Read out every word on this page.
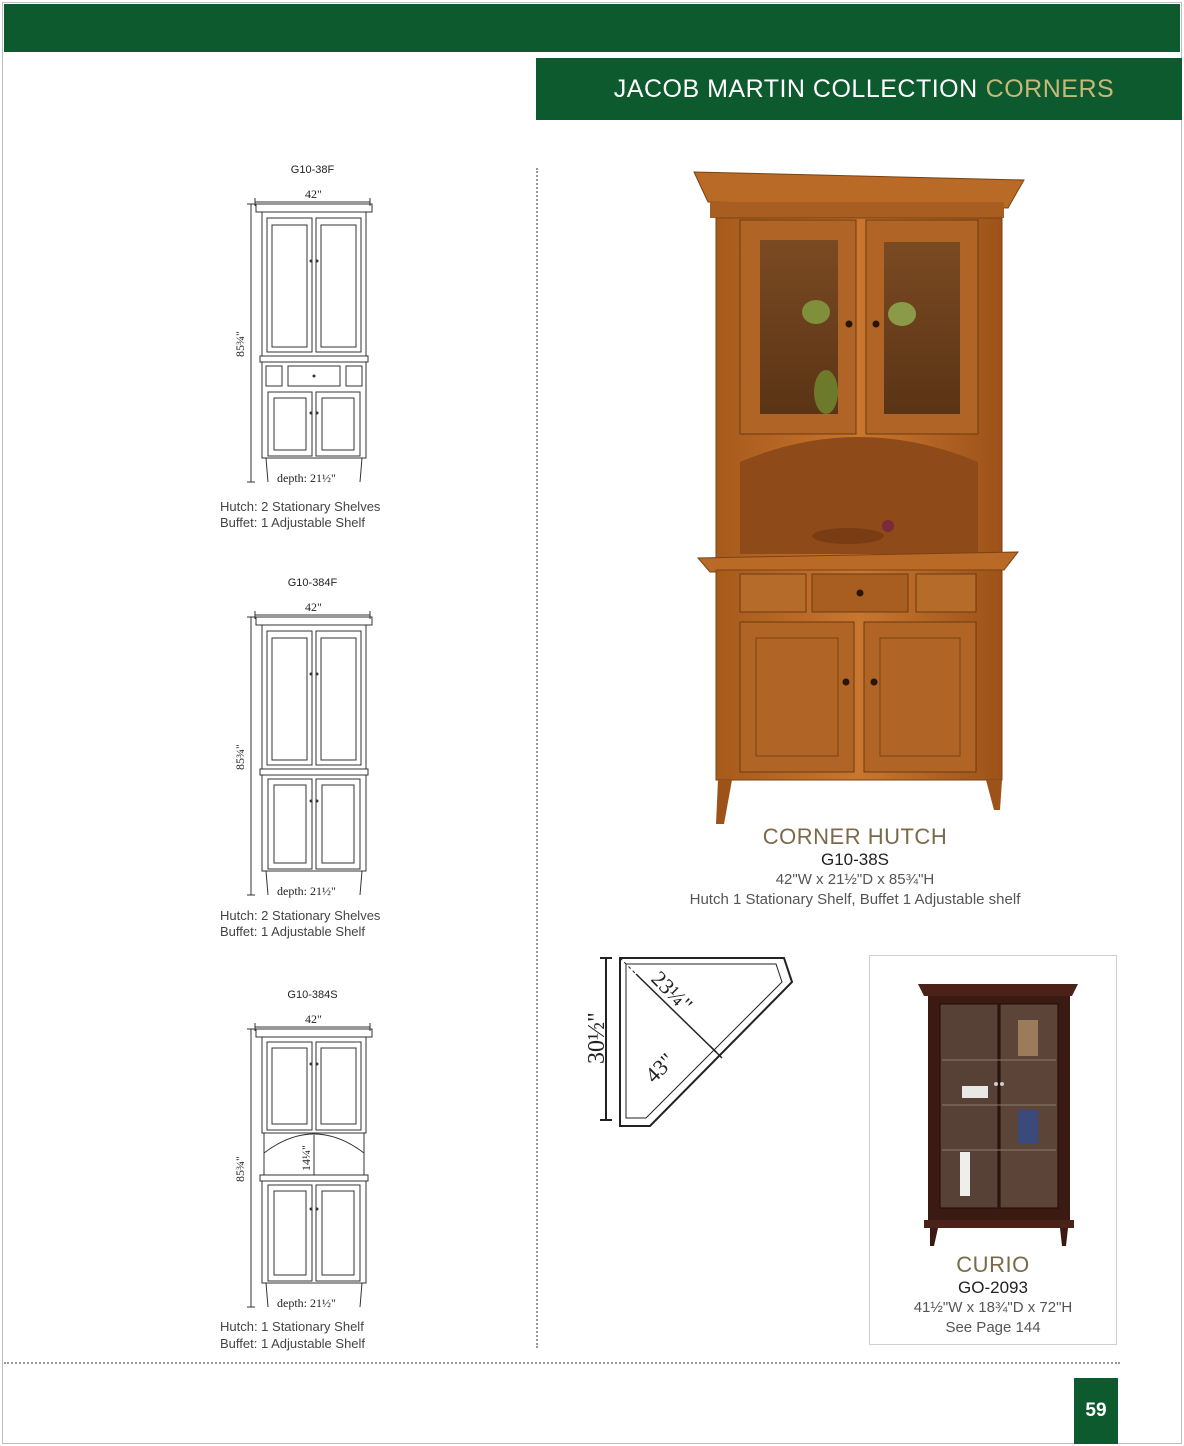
JACOB MARTIN COLLECTION CORNERS
G10-38F
42"
85¾"
depth: 21½"
Hutch: 2 Stationary Shelves
Buffet: 1 Adjustable Shelf
G10-384F
42"
85¾"
depth: 21½"
Hutch: 2 Stationary Shelves
Buffet: 1 Adjustable Shelf
G10-384S
42"
85¾"	14¼"
depth: 21½"
Hutch: 1 Stationary Shelf
Buffet: 1 Adjustable Shelf
CORNER HUTCH
G10-38S
42"W x 21½"D x 85¾"H
Hutch 1 Stationary Shelf, Buffet 1 Adjustable shelf
30½"
23¼"
43"
CURIO
GO-2093
41½"W x 18¾"D x 72"H
See Page 144
59
